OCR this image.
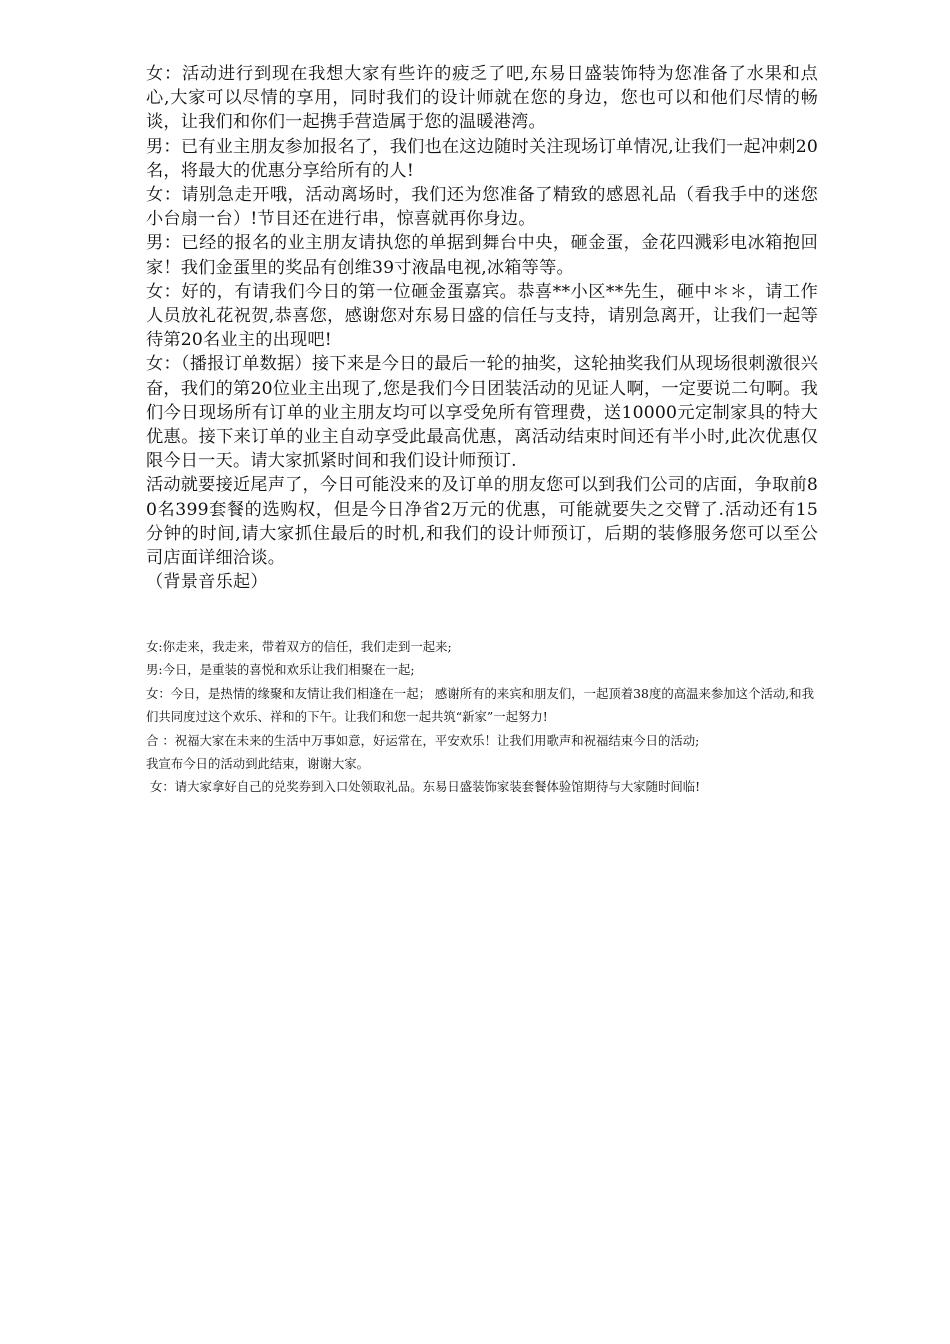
女：活动进行到现在我想大家有些许的疲乏了吧,东易日盛装饰特为您准备了水果和点心,大家可以尽情的享用，同时我们的设计师就在您的身边，您也可以和他们尽情的畅谈，让我们和你们一起携手营造属于您的温暖港湾。

男：已有业主朋友参加报名了，我们也在这边随时关注现场订单情况,让我们一起冲刺20名，将最大的优惠分享给所有的人!

女：请别急走开哦，活动离场时，我们还为您准备了精致的感恩礼品（看我手中的迷您小台扇一台）!节目还在进行串，惊喜就再你身边。

男：已经的报名的业主朋友请执您的单据到舞台中央，砸金蛋，金花四溅彩电冰箱抱回家！我们金蛋里的奖品有创维39寸液晶电视,冰箱等等。

女：好的，有请我们今日的第一位砸金蛋嘉宾。恭喜**小区**先生，砸中＊＊，请工作人员放礼花祝贺,恭喜您，感谢您对东易日盛的信任与支持，请别急离开，让我们一起等待第20名业主的出现吧!

女：（播报订单数据）接下来是今日的最后一轮的抽奖，这轮抽奖我们从现场很刺激很兴奋，我们的第20位业主出现了,您是我们今日团装活动的见证人啊，一定要说二句啊。我们今日现场所有订单的业主朋友均可以享受免所有管理费，送10000元定制家具的特大优惠。接下来订单的业主自动享受此最高优惠，离活动结束时间还有半小时,此次优惠仅限今日一天。请大家抓紧时间和我们设计师预订.

活动就要接近尾声了，今日可能没来的及订单的朋友您可以到我们公司的店面，争取前80名399套餐的选购权，但是今日净省2万元的优惠，可能就要失之交臂了.活动还有15分钟的时间,请大家抓住最后的时机,和我们的设计师预订，后期的装修服务您可以至公司店面详细洽谈。

（背景音乐起）

女:你走来，我走来，带着双方的信任，我们走到一起来;

男:今日，是重装的喜悦和欢乐让我们相聚在一起;

女：今日，是热情的缘聚和友情让我们相逢在一起； 感谢所有的来宾和朋友们，一起顶着38度的高温来参加这个活动,和我们共同度过这个欢乐、祥和的下午。让我们和您一起共筑“新家”一起努力!

合 ：祝福大家在未来的生活中万事如意，好运常在，平安欢乐！让我们用歌声和祝福结束今日的活动;

我宣布今日的活动到此结束，谢谢大家。

女：请大家拿好自己的兑奖券到入口处领取礼品。东易日盛装饰家装套餐体验馆期待与大家随时间临!
